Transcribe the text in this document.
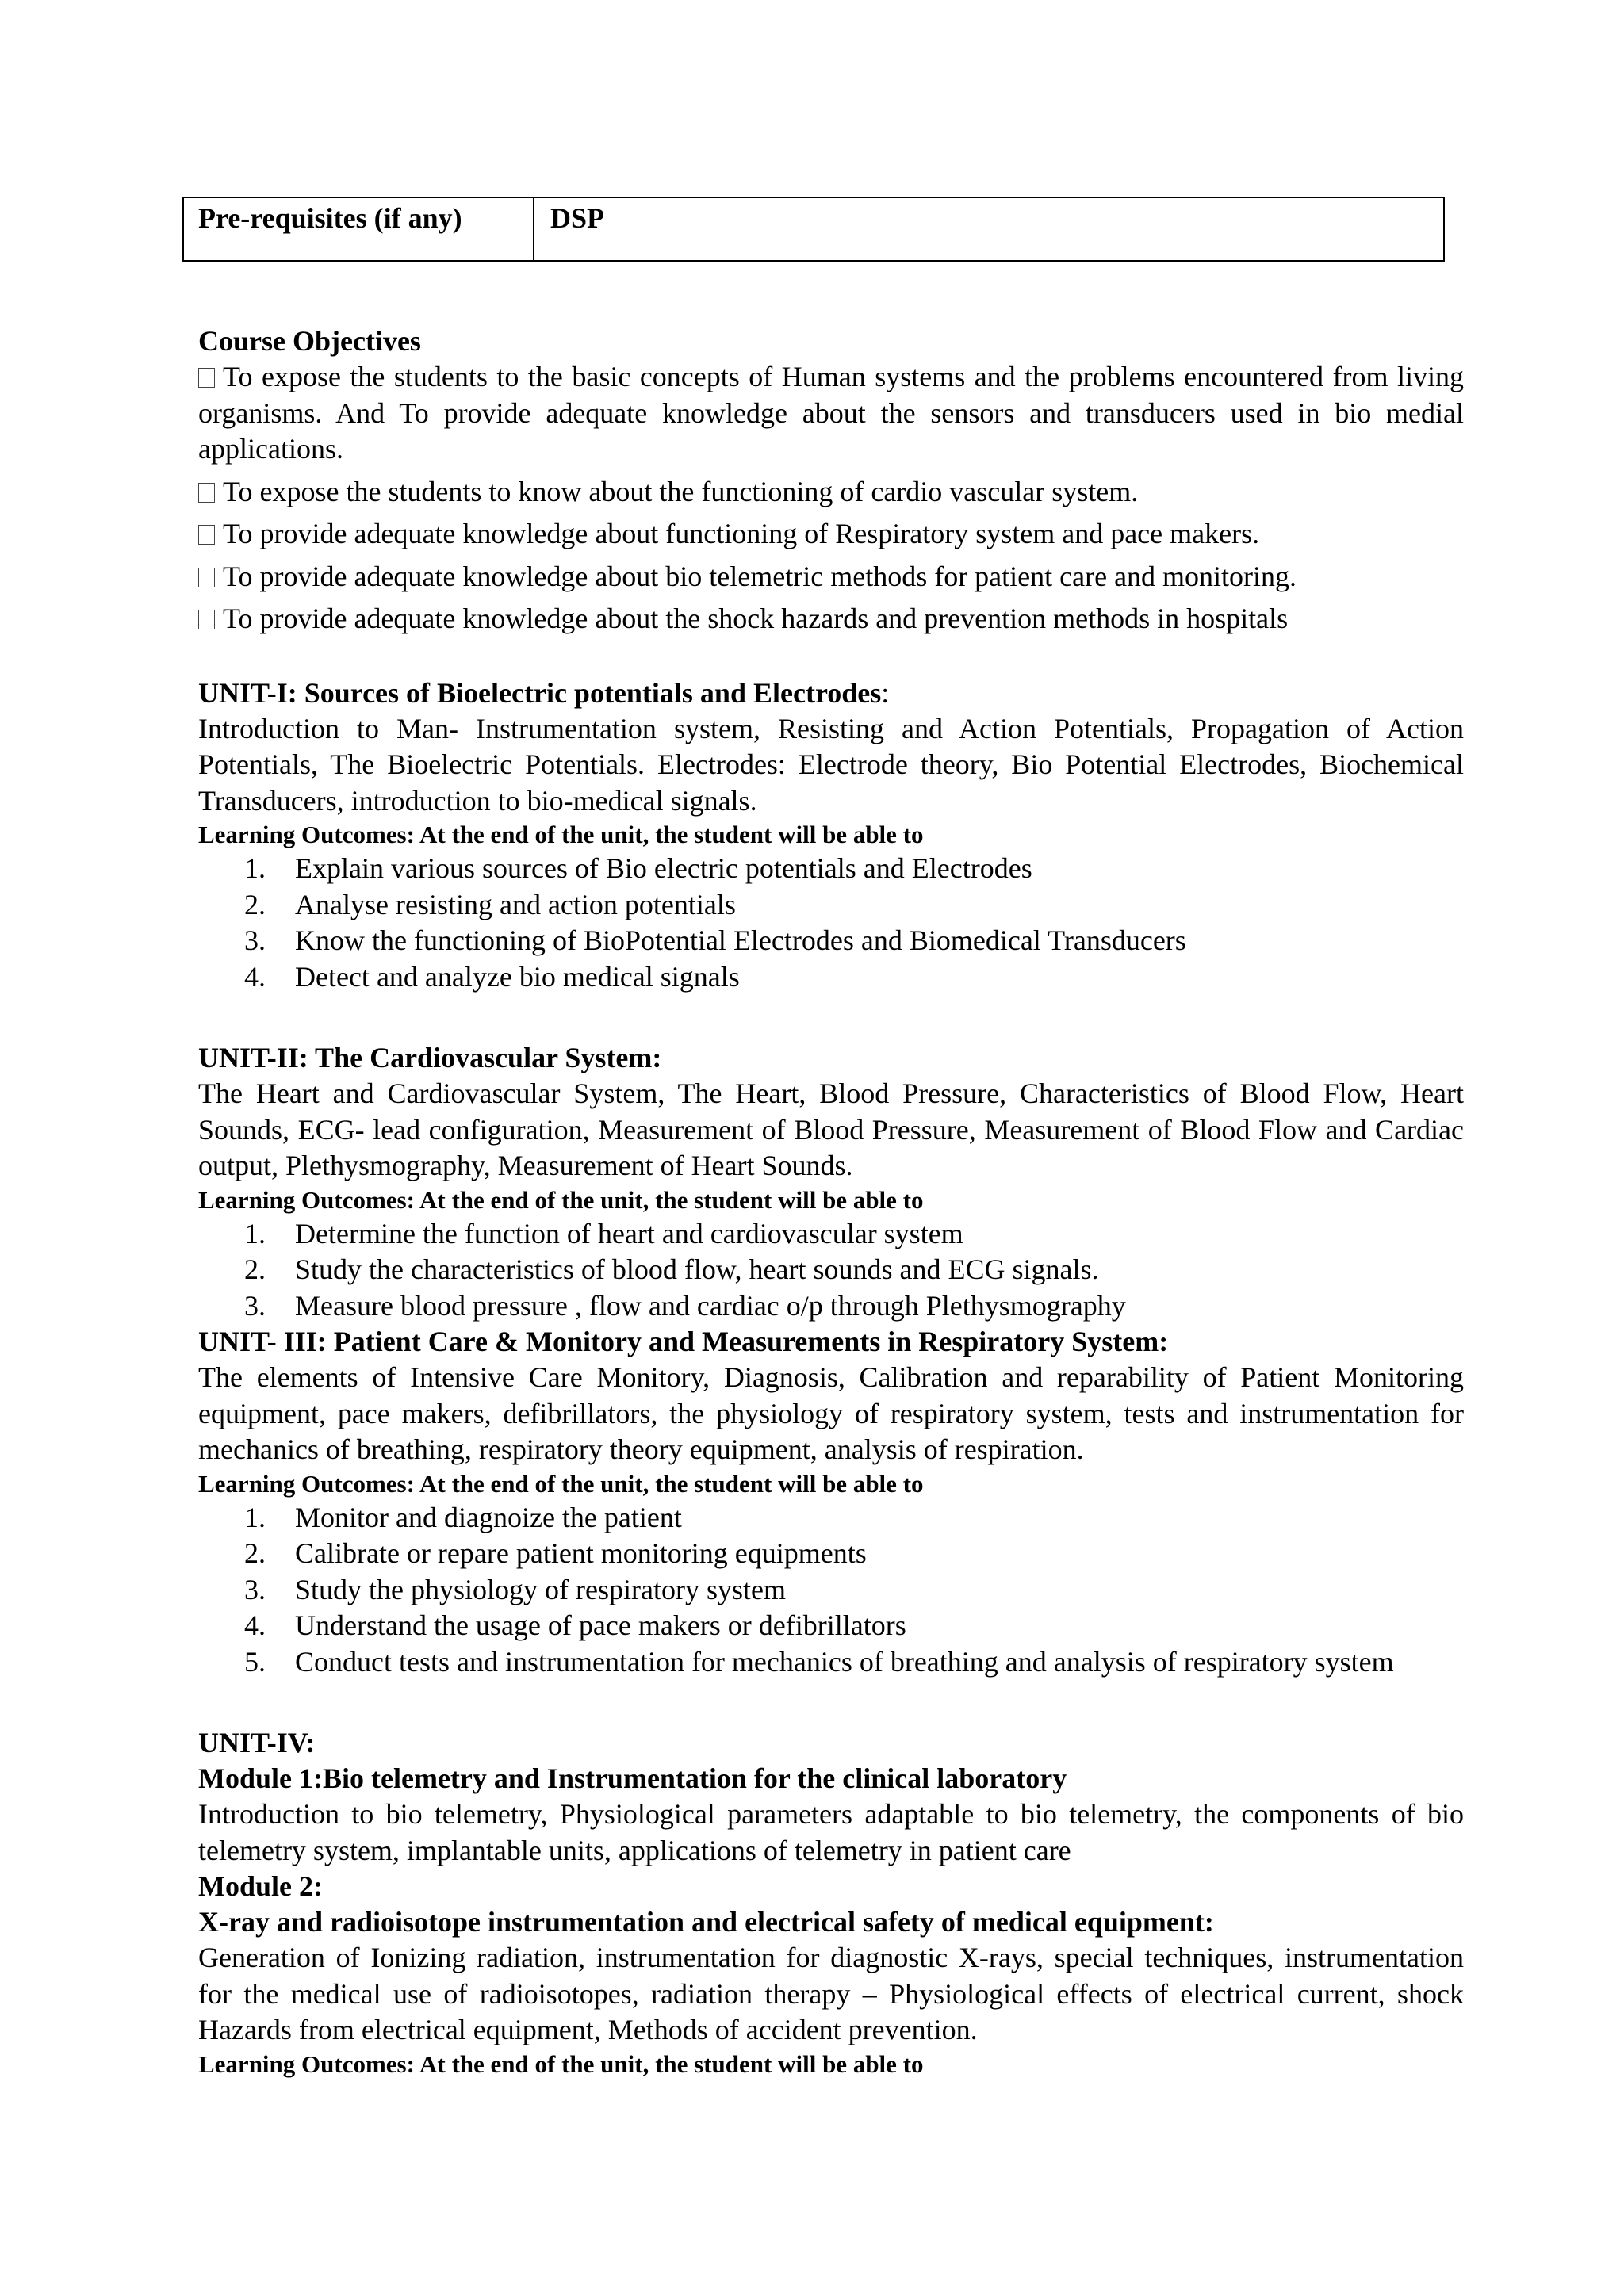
Pre-requisites (if any)	DSP
Course Objectives

To expose the students to the basic concepts of Human systems and the problems encountered from living organisms. And To provide adequate knowledge about the sensors and transducers used in bio medial applications.

To expose the students to know about the functioning of cardio vascular system.

To provide adequate knowledge about functioning of Respiratory system and pace makers.

To provide adequate knowledge about bio telemetric methods for patient care and monitoring.

To provide adequate knowledge about the shock hazards and prevention methods in hospitals

UNIT-I: Sources of Bioelectric potentials and Electrodes:

Introduction to Man- Instrumentation system, Resisting and Action Potentials, Propagation of Action Potentials, The Bioelectric Potentials. Electrodes: Electrode theory, Bio Potential Electrodes, Biochemical Transducers, introduction to bio-medical signals.

Learning Outcomes: At the end of the unit, the student will be able to
1. Explain various sources of Bio electric potentials and Electrodes
2. Analyse resisting and action potentials
3. Know the functioning of BioPotential Electrodes and Biomedical Transducers
4. Detect and analyze bio medical signals
UNIT-II: The Cardiovascular System:

The Heart and Cardiovascular System, The Heart, Blood Pressure, Characteristics of Blood Flow, Heart Sounds, ECG- lead configuration, Measurement of Blood Pressure, Measurement of Blood Flow and Cardiac output, Plethysmography, Measurement of Heart Sounds.

Learning Outcomes: At the end of the unit, the student will be able to
1. Determine the function of heart and cardiovascular system
2. Study the characteristics of blood flow, heart sounds and ECG signals.
3. Measure blood pressure , flow and cardiac o/p through Plethysmography
UNIT- III: Patient Care & Monitory and Measurements in Respiratory System:

The elements of Intensive Care Monitory, Diagnosis, Calibration and reparability of Patient Monitoring equipment, pace makers, defibrillators, the physiology of respiratory system, tests and instrumentation for mechanics of breathing, respiratory theory equipment, analysis of respiration.

Learning Outcomes: At the end of the unit, the student will be able to
1. Monitor and diagnoize the patient
2. Calibrate or repare patient monitoring equipments
3. Study the physiology of respiratory system
4. Understand the usage of pace makers or defibrillators
5. Conduct tests and instrumentation for mechanics of breathing and analysis of respiratory system
UNIT-IV:
Module 1:Bio telemetry and Instrumentation for the clinical laboratory

Introduction to bio telemetry, Physiological parameters adaptable to bio telemetry, the components of bio telemetry system, implantable units, applications of telemetry in patient care

Module 2:
X-ray and radioisotope instrumentation and electrical safety of medical equipment:

Generation of Ionizing radiation, instrumentation for diagnostic X-rays, special techniques, instrumentation for the medical use of radioisotopes, radiation therapy – Physiological effects of electrical current, shock Hazards from electrical equipment, Methods of accident prevention.

Learning Outcomes: At the end of the unit, the student will be able to
